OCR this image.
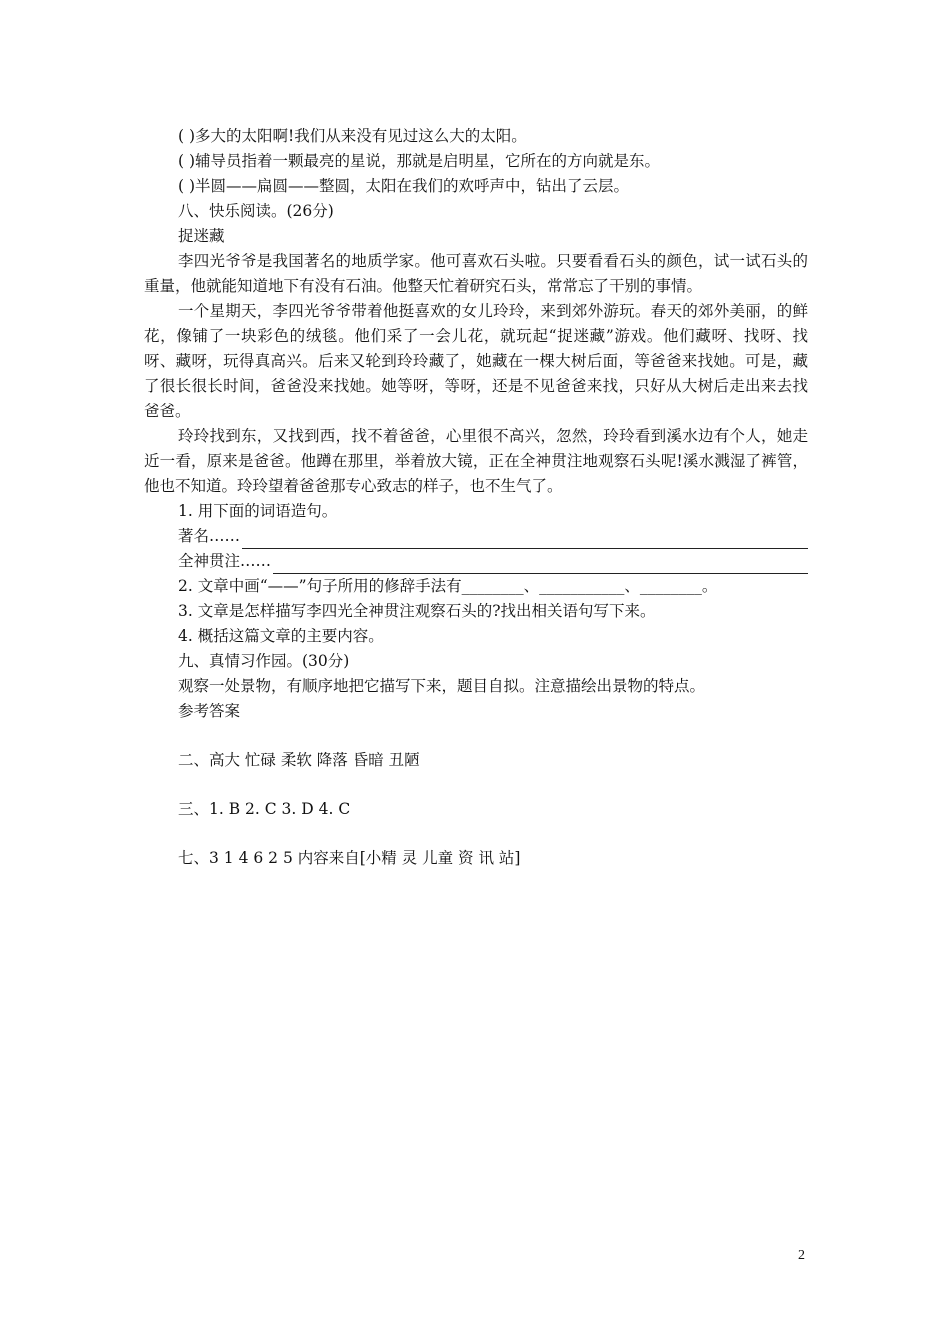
( )多大的太阳啊!我们从来没有见过这么大的太阳。
( )辅导员指着一颗最亮的星说，那就是启明星，它所在的方向就是东。
( )半圆——扁圆——整圆，太阳在我们的欢呼声中，钻出了云层。
八、快乐阅读。(26分)
捉迷藏
李四光爷爷是我国著名的地质学家。他可喜欢石头啦。只要看看石头的颜色，试一试石头的重量，他就能知道地下有没有石油。他整天忙着研究石头，常常忘了干别的事情。
一个星期天，李四光爷爷带着他挺喜欢的女儿玲玲，来到郊外游玩。春天的郊外美丽，的鲜花，像铺了一块彩色的绒毯。他们采了一会儿花，就玩起“捉迷藏”游戏。他们藏呀、找呀、找呀、藏呀，玩得真高兴。后来又轮到玲玲藏了，她藏在一棵大树后面，等爸爸来找她。可是，藏了很长很长时间，爸爸没来找她。她等呀，等呀，还是不见爸爸来找，只好从大树后走出来去找爸爸。
玲玲找到东，又找到西，找不着爸爸，心里很不高兴，忽然，玲玲看到溪水边有个人，她走近一看，原来是爸爸。他蹲在那里，举着放大镜，正在全神贯注地观察石头呢!溪水溅湿了裤管，他也不知道。玲玲望着爸爸那专心致志的样子，也不生气了。
1. 用下面的词语造句。
著名……
全神贯注……
2. 文章中画“——”句子所用的修辞手法有________、___________、________。
3. 文章是怎样描写李四光全神贯注观察石头的?找出相关语句写下来。
4. 概括这篇文章的主要内容。
九、真情习作园。(30分)
观察一处景物，有顺序地把它描写下来，题目自拟。注意描绘出景物的特点。
参考答案
二、高大 忙碌 柔软 降落 昏暗 丑陋
三、1. B 2. C 3. D 4. C
七、3 1 4 6 2 5 内容来自[小精 灵 儿童 资 讯 站]
2
